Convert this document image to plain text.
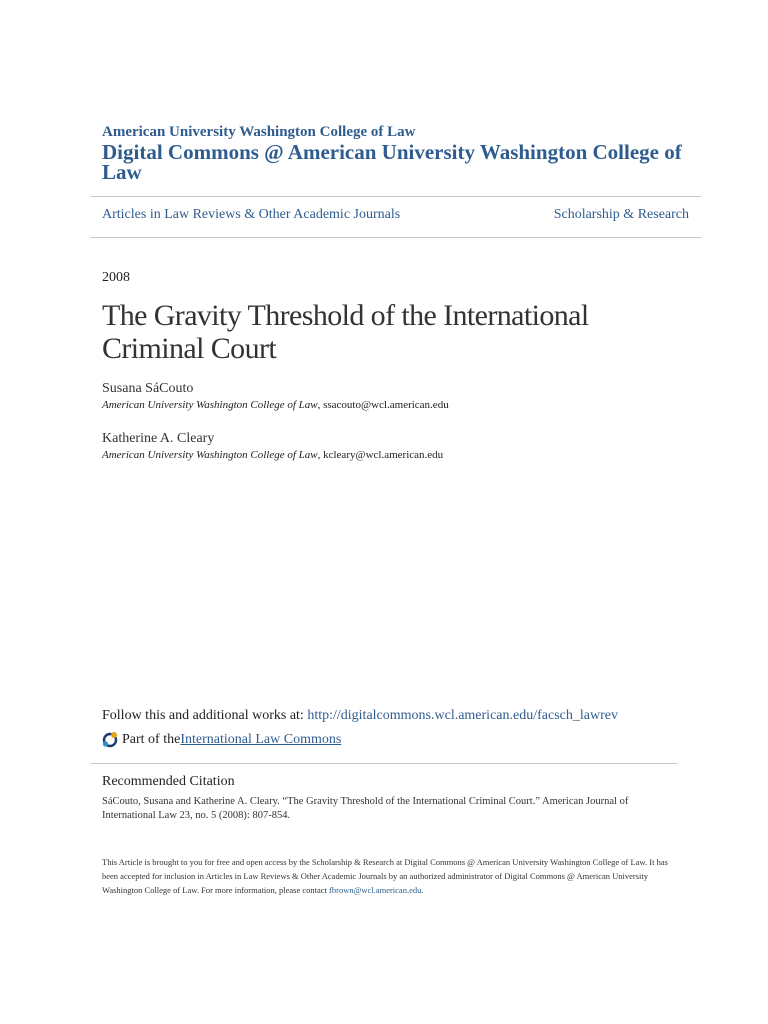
American University Washington College of Law
Digital Commons @ American University Washington College of Law
Articles in Law Reviews & Other Academic Journals	Scholarship & Research
2008
The Gravity Threshold of the International Criminal Court
Susana SáCouto
American University Washington College of Law, ssacouto@wcl.american.edu
Katherine A. Cleary
American University Washington College of Law, kcleary@wcl.american.edu
Follow this and additional works at: http://digitalcommons.wcl.american.edu/facsch_lawrev
Part of the International Law Commons
Recommended Citation
SáCouto, Susana and Katherine A. Cleary. “The Gravity Threshold of the International Criminal Court.” American Journal of International Law 23, no. 5 (2008): 807-854.
This Article is brought to you for free and open access by the Scholarship & Research at Digital Commons @ American University Washington College of Law. It has been accepted for inclusion in Articles in Law Reviews & Other Academic Journals by an authorized administrator of Digital Commons @ American University Washington College of Law. For more information, please contact fbrown@wcl.american.edu.
